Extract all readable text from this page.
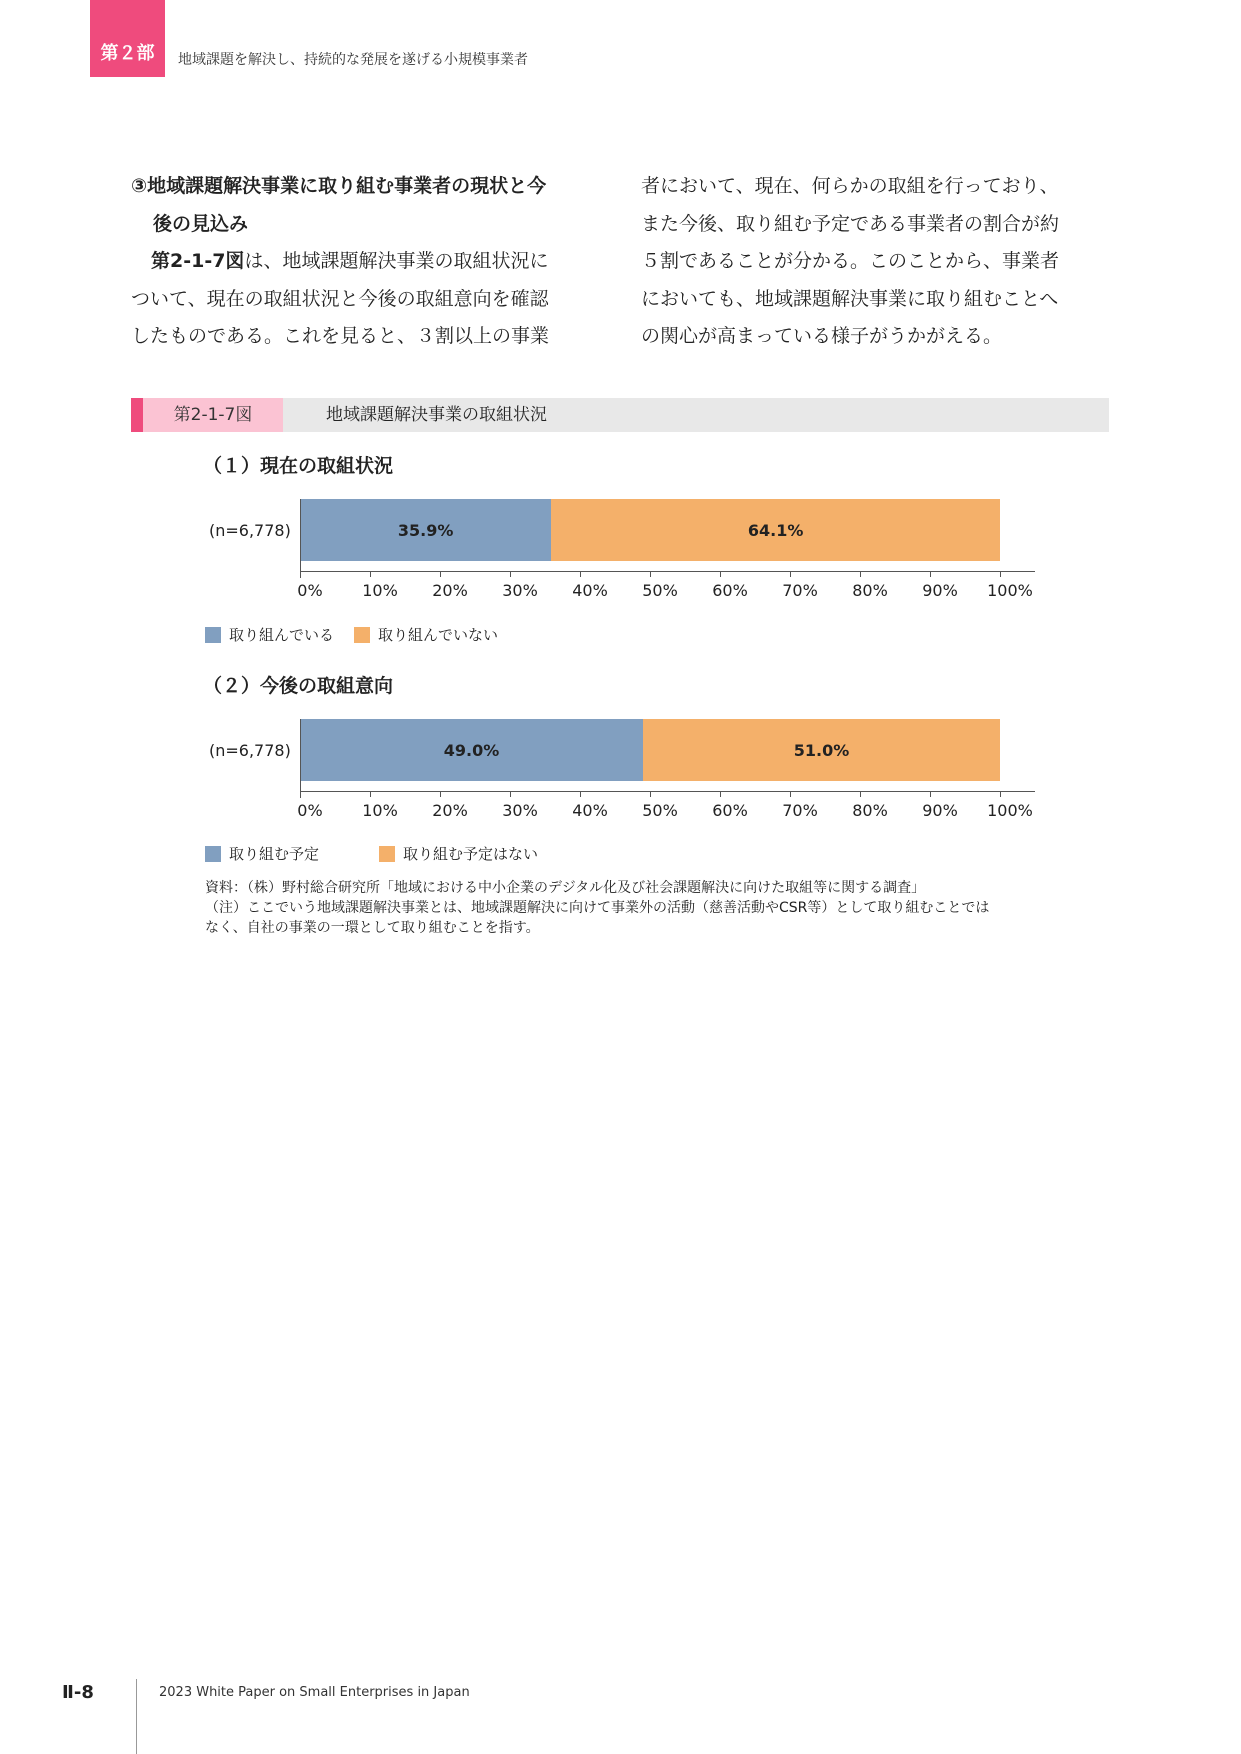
第２部 地域課題を解決し、持続的な発展を遂げる小規模事業者
③地域課題解決事業に取り組む事業者の現状と今
後の見込み
第2-1-7図は、地域課題解決事業の取組状況に
ついて、現在の取組状況と今後の取組意向を確認
したものである。これを見ると、３割以上の事業
者において、現在、何らかの取組を行っており、
また今後、取り組む予定である事業者の割合が約
５割であることが分かる。このことから、事業者
においても、地域課題解決事業に取り組むことへ
の関心が高まっている様子がうかがえる。
第2-1-7図	地域課題解決事業の取組状況
（１）現在の取組状況
(n=6,778)	35.9%	64.1%
0% 10% 20% 30% 40% 50% 60% 70% 80% 90% 100%
取り組んでいる	取り組んでいない
（２）今後の取組意向
(n=6,778)	49.0%	51.0%
0% 10% 20% 30% 40% 50% 60% 70% 80% 90% 100%
取り組む予定	取り組む予定はない
資料：（株）野村総合研究所「地域における中小企業のデジタル化及び社会課題解決に向けた取組等に関する調査」
（注）ここでいう地域課題解決事業とは、地域課題解決に向けて事業外の活動（慈善活動やCSR等）として取り組むことでは
なく、自社の事業の一環として取り組むことを指す。
Ⅱ-8	2023 White Paper on Small Enterprises in Japan
